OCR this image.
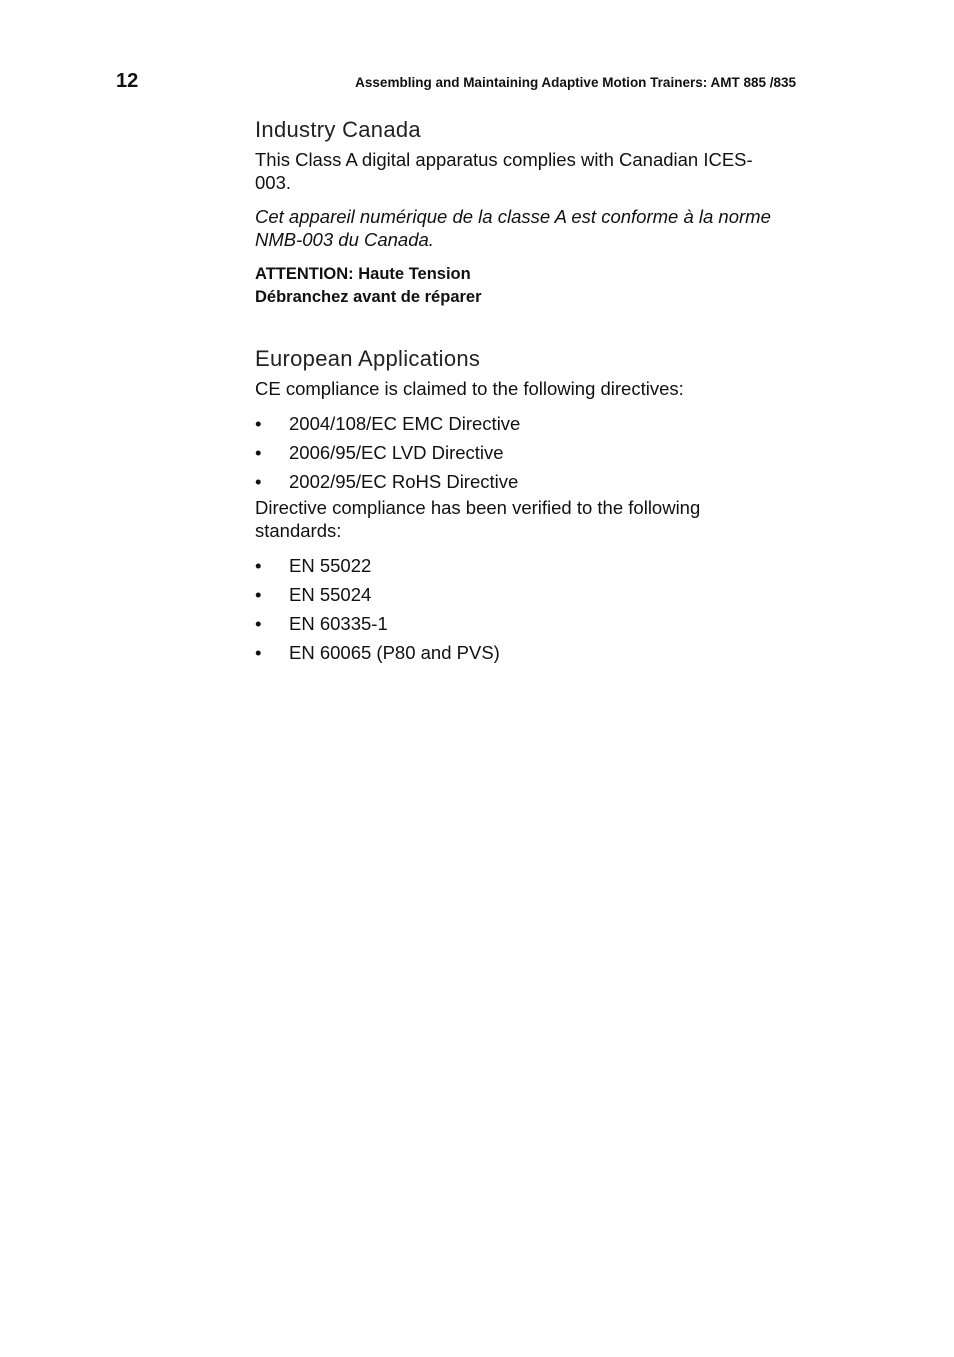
12	Assembling and Maintaining Adaptive Motion Trainers: AMT 885 /835
Industry Canada

This Class A digital apparatus complies with Canadian ICES-003.

Cet appareil numérique de la classe A est conforme à la norme NMB-003 du Canada.

ATTENTION: Haute Tension
Débranchez avant de réparer

European Applications

CE compliance is claimed to the following directives:

• 2004/108/EC EMC Directive
• 2006/95/EC LVD Directive
• 2002/95/EC RoHS Directive

Directive compliance has been verified to the following standards:

• EN 55022
• EN 55024
• EN 60335-1
• EN 60065 (P80 and PVS)
